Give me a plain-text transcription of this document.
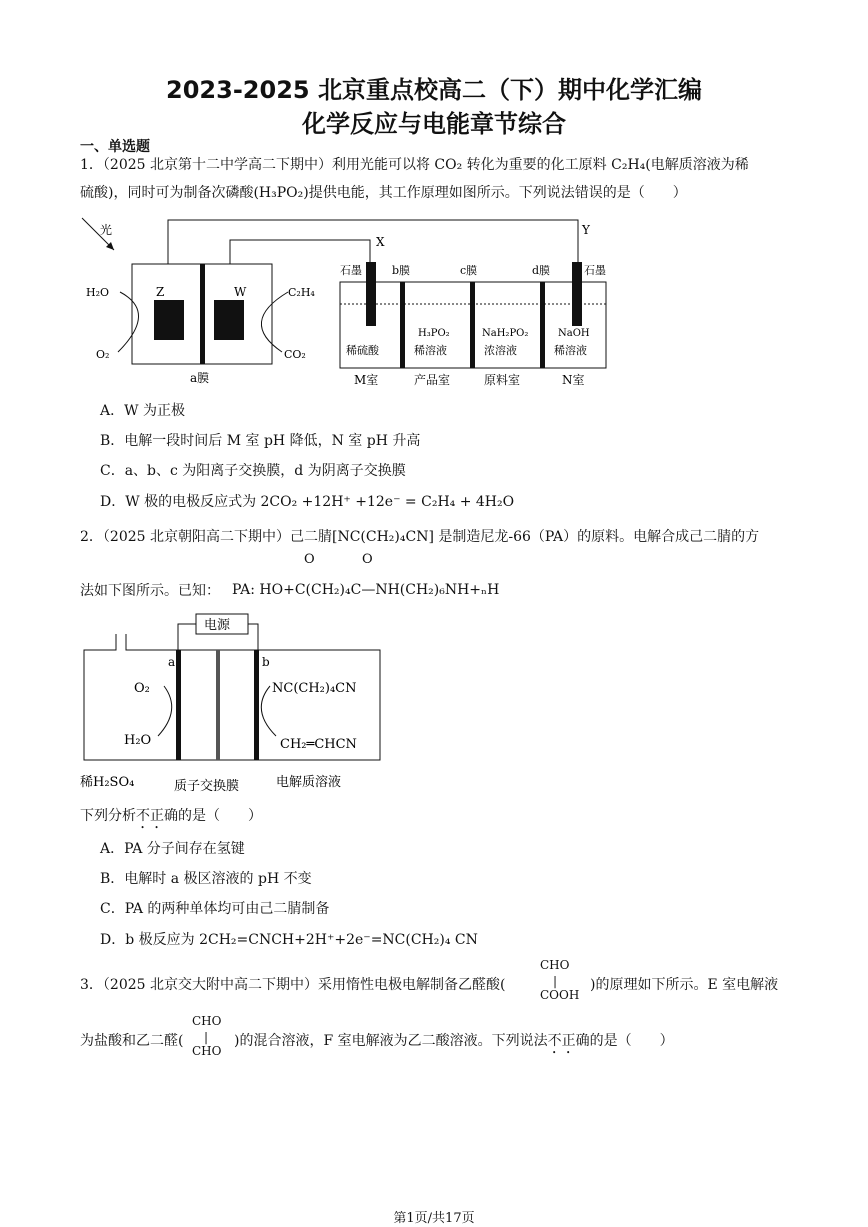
2023-2025 北京重点校高二（下）期中化学汇编
化学反应与电能章节综合
一、单选题
1．（2025 北京第十二中学高二下期中）利用光能可以将 CO₂ 转化为重要的化工原料 C₂H₄(电解质溶液为稀
硫酸)，同时可为制备次磷酸(H₃PO₂)提供电能，其工作原理如图所示。下列说法错误的是（　　）
光
Z	W
H₂O
O₂
C₂H₄
CO₂
a膜
X
Y
石墨	b膜	c膜	d膜	石墨
稀硫酸
H₃PO₂
稀溶液
NaH₂PO₂
浓溶液
NaOH
稀溶液
M室	产品室	原料室	N室
A．W 为正极
B．电解一段时间后 M 室 pH 降低，N 室 pH 升高
C．a、b、c 为阳离子交换膜，d 为阴离子交换膜
D．W 极的电极反应式为 2CO₂ +12H⁺ +12e⁻ = C₂H₄ + 4H₂O
2．（2025 北京朝阳高二下期中）己二腈[NC(CH₂)₄CN] 是制造尼龙-66（PA）的原料。电解合成己二腈的方
法如下图所示。已知：
O	O
PA: HO+C(CH₂)₄C—NH(CH₂)₆NH+ₙH
电源
a	b
O₂
H₂O
NC(CH₂)₄CN
CH₂═CHCN
稀H₂SO₄	质子交换膜	电解质溶液
下列分析不正确的是（　　）
A．PA 分子间存在氢键
B．电解时 a 极区溶液的 pH 不变
C．PA 的两种单体均可由己二腈制备
D．b 极反应为 2CH₂=CNCH+2H⁺+2e⁻=NC(CH₂)₄ CN
3．（2025 北京交大附中高二下期中）采用惰性电极电解制备乙醛酸(
CHO
|
COOH
)的原理如下所示。E 室电解液
为盐酸和乙二醛(
CHO
|
CHO
)的混合溶液，F 室电解液为乙二酸溶液。下列说法不正确的是（　　）
第1页/共17页
